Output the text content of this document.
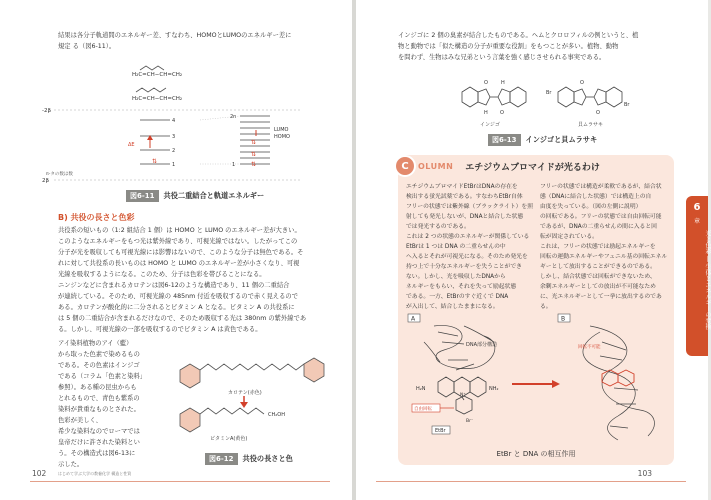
結果は各分子軌道間のエネルギー差、すなわち、HOMOとLUMOのエネルギー差に
規定 る（図6-11）。
H₂C=CH−CH=CH₂
H₂C=CH−CH=CH₂
-2β
2β
4
3
2
1
ΔE
⇅
2n
1
LUMO
HOMO
⇅
⇅
⇅
π-タの数は数
図6-11	共役二重結合と軌道エネルギー
B) 共役の長さと色彩
共役系の短いもの（1:2 組結合 1 個）は HOMO と LUMO のエネルギー差が大きい。
このようなエネルギーをもつ光は紫外線であり、可視光線ではない。したがってこの
分子が光を吸収しても可視光線には影響はないので、このような分子は無色である。そ
れに対して共役系の長いものは HOMO と LUMO のエネルギー差が小さくなり、可視
光線を吸収するようになる。このため、分子は色彩を帯びることになる。
ニンジンなどに含まれるカロテンは図6-12のような構造であり、11 個の二重結合
が連続している。そのため、可視光線の 485nm 付近を吸収するので赤く見えるので
ある。カロテンが酸化的に二分されるとビタミン A となる。ビタミン A の共役系に
は 5 個の二重結合が含まれるだけなので、そのため吸収する光は 380nm の紫外線であ
る。しかし、可視光線の一部を吸収するのでビタミン A は黄色である。
アイ染料植物のアイ（藍）
から取った色素で染めるもの
である。その色素はインジゴ
である（コラム「色素と染料」
参照）。ある種の昆虫からも
とれるもので、青色も紫系の
染料が貴重なものとされた。
色彩が美しく、
希少な染料なのでローマでは
皇帝だけに許された染料とい
う。その構造式は図6-13に
示した。
カロテン(赤色)
CH₂OH
ビタミンA(黄色)
図6-12	共役の長さと色
102	はじめて学ぶ大学の教養化学 構造と性質
インジゴに 2 個の臭素が結合したものである。ヘムとクロロフィルの例というと、植
物と動物では「似た構造の分子が重要な役割」をもつことが多い。植物、動物
を問わず、生物はみな兄弟という言葉を強く感じさせられる事実である。
O
O
H
H
インジゴ
Br
Br
O
O
貝ムラサキ
図6-13	インジゴと貝ムラサキ
C	OLUMN エチジウムブロマイドが光るわけ
エチジウムブロマイドEtBrはDNAの存在を
検出する蛍光試薬である。すなわちEtBr自体
フリーの状態では紫外線（ブラックライト）を照
射しても発光しないが、DNAと結合した状態
では発光するのである。
これは 2 つの状態のエネルギーが関係している
EtBrは 1 つは DNA の二重らせんの中
へ入るとそれが可視光になる。そのため発光を
持つ上で十分なエネルギーを失うことができ
ない。しかし、光を吸収したDNAから
ネルギーをもらい、それを失って励起状態
である。一方、EtBrのすぐ近くで DNA
が入出して、結合したままになる。
フリーの状態では構造が柔軟であるが、結合状
態（DNAに結合した状態）では構造上の自
由度を失っている。（図の左側に説明）
の回転である。フリーの状態では自由回転可能
であるが、DNAの二重らせんの間に入ると回
転が固定されている。
これは、フリーの状態では励起エネルギーを
回転の運動エネルギーやフェニル基の回転エネル
ギーとして放出することができるのである。
しかし、結合状態では回転ができないため、
余剰エネルギーとしての放出が不可能なため
に、光エネルギーとして一挙に放出するのである。
A	B
DNA部分構造
H₂N	NH₂
N⁺
Br⁻
自由回転
EtBr
回転不可能
EtBr と DNA の相互作用
6
章
光と色彩 ― 生体とエネルギーの変換
103
